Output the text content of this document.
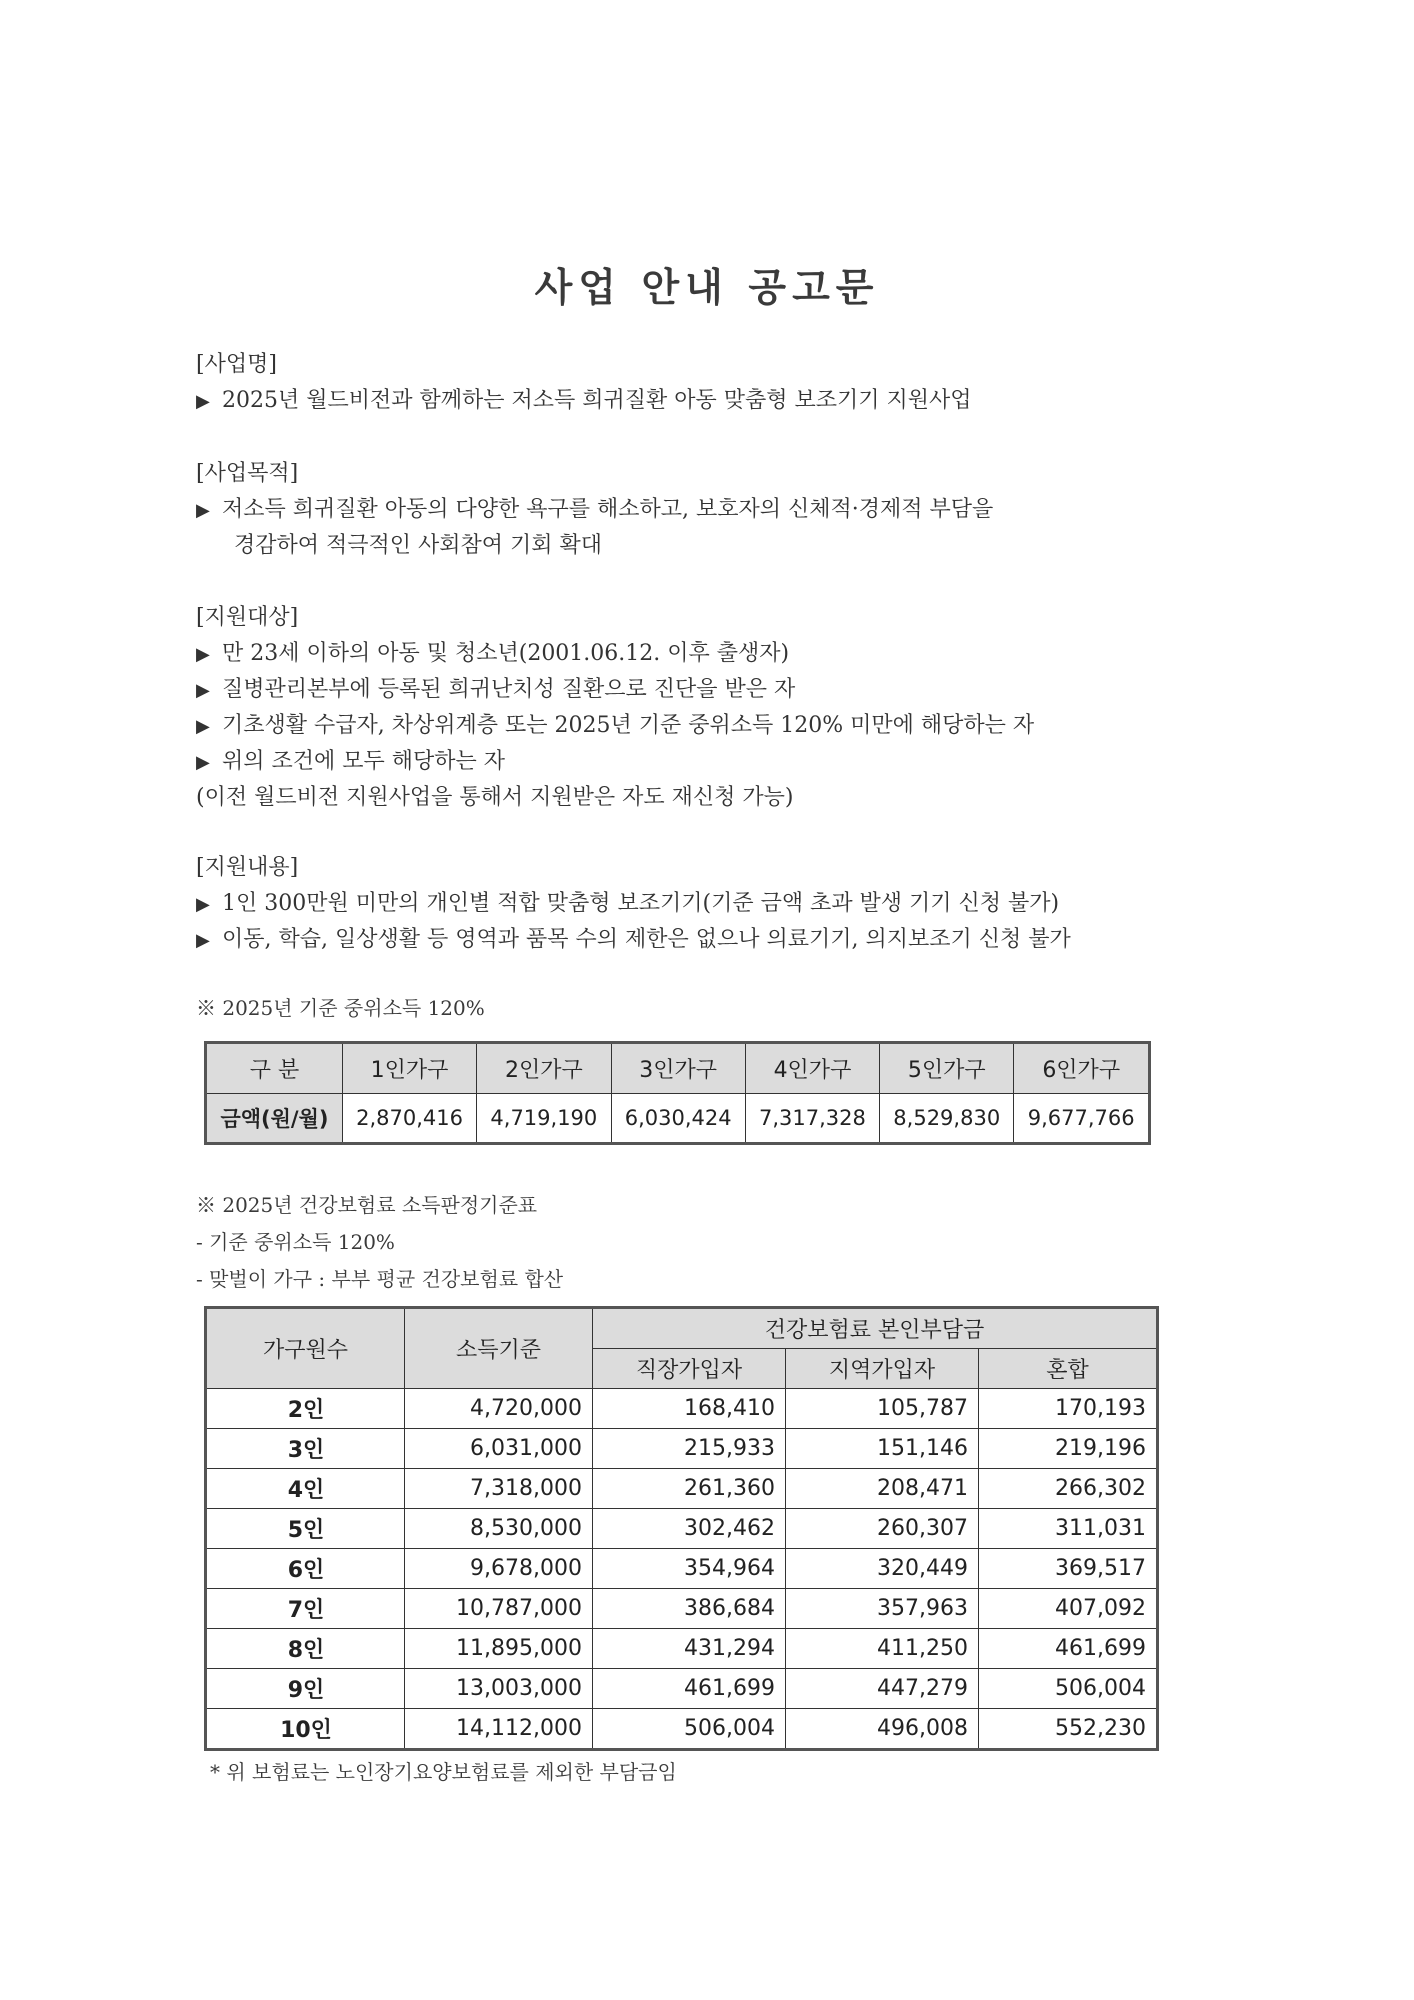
사업 안내 공고문
[사업명]
▶ 2025년 월드비전과 함께하는 저소득 희귀질환 아동 맞춤형 보조기기 지원사업
[사업목적]
▶ 저소득 희귀질환 아동의 다양한 욕구를 해소하고, 보호자의 신체적·경제적 부담을
경감하여 적극적인 사회참여 기회 확대
[지원대상]
▶ 만 23세 이하의 아동 및 청소년(2001.06.12. 이후 출생자)
▶ 질병관리본부에 등록된 희귀난치성 질환으로 진단을 받은 자
▶ 기초생활 수급자, 차상위계층 또는 2025년 기준 중위소득 120% 미만에 해당하는 자
▶ 위의 조건에 모두 해당하는 자
(이전 월드비전 지원사업을 통해서 지원받은 자도 재신청 가능)
[지원내용]
▶ 1인 300만원 미만의 개인별 적합 맞춤형 보조기기(기준 금액 초과 발생 기기 신청 불가)
▶ 이동, 학습, 일상생활 등 영역과 품목 수의 제한은 없으나 의료기기, 의지보조기 신청 불가
※ 2025년 기준 중위소득 120%
구 분	1인가구	2인가구	3인가구	4인가구	5인가구	6인가구
금액(원/월)	2,870,416	4,719,190	6,030,424	7,317,328	8,529,830	9,677,766
※ 2025년 건강보험료 소득판정기준표
- 기준 중위소득 120%
- 맞벌이 가구 : 부부 평균 건강보험료 합산
가구원수	소득기준	건강보험료 본인부담금		
		직장가입자	지역가입자	혼합
2인	4,720,000	168,410	105,787	170,193
3인	6,031,000	215,933	151,146	219,196
4인	7,318,000	261,360	208,471	266,302
5인	8,530,000	302,462	260,307	311,031
6인	9,678,000	354,964	320,449	369,517
7인	10,787,000	386,684	357,963	407,092
8인	11,895,000	431,294	411,250	461,699
9인	13,003,000	461,699	447,279	506,004
10인	14,112,000	506,004	496,008	552,230
* 위 보험료는 노인장기요양보험료를 제외한 부담금임
